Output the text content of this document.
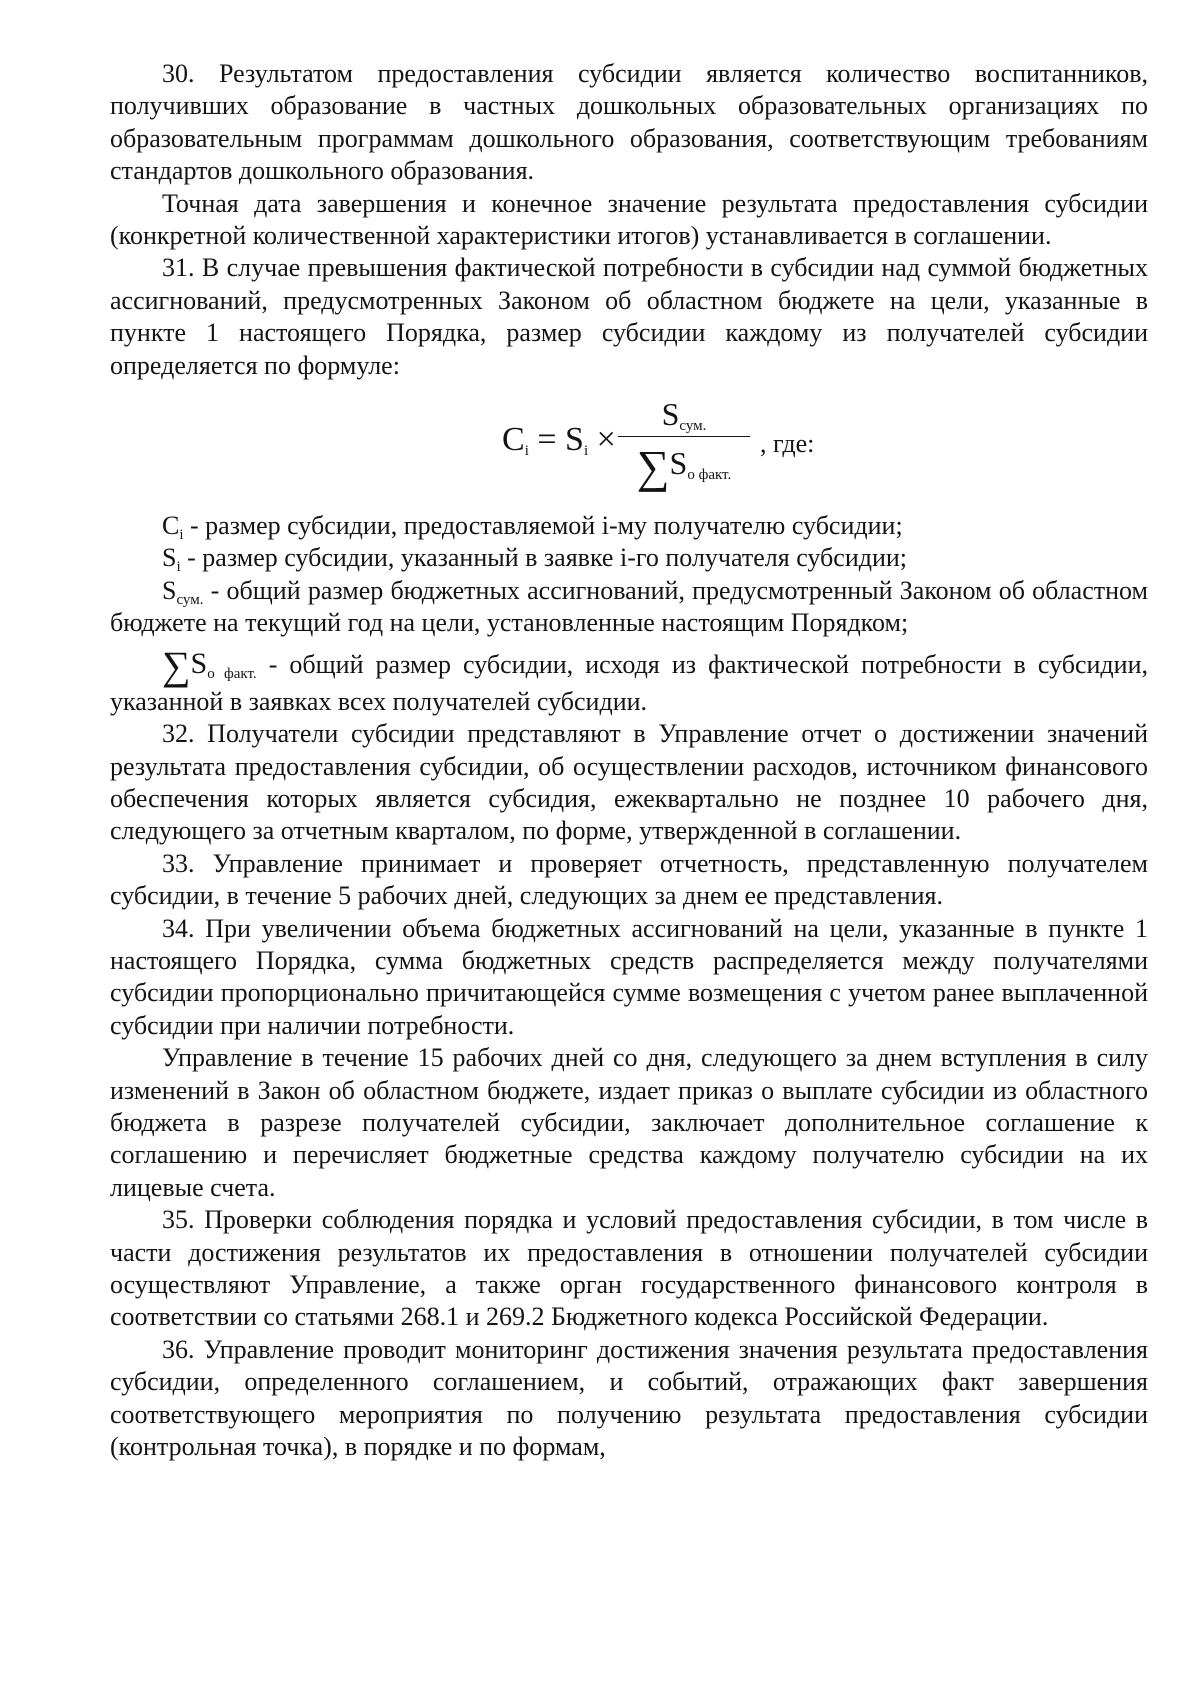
30. Результатом предоставления субсидии является количество воспитанников, получивших образование в частных дошкольных образовательных организациях по образовательным программам дошкольного образования, соответствующим требованиям стандартов дошкольного образования.

Точная дата завершения и конечное значение результата предоставления субсидии (конкретной количественной характеристики итогов) устанавливается в соглашении.

31. В случае превышения фактической потребности в субсидии над суммой бюджетных ассигнований, предусмотренных Законом об областном бюджете на цели, указанные в пункте 1 настоящего Порядка, размер субсидии каждому из получателей субсидии определяется по формуле:

$C_i = S_i$ ×
$S_{сум.}$
$\sum S_{о факт.}$
, где:

$C_i$ - размер субсидии, предоставляемой i-му получателю субсидии;

$S_i$ - размер субсидии, указанный в заявке i-го получателя субсидии;

$S_{сум.}$ - общий размер бюджетных ассигнований, предусмотренный Законом об областном бюджете на текущий год на цели, установленные настоящим Порядком;

$\sum S_{о факт.}$ - общий размер субсидии, исходя из фактической потребности в субсидии, указанной в заявках всех получателей субсидии.

32. Получатели субсидии представляют в Управление отчет о достижении значений результата предоставления субсидии, об осуществлении расходов, источником финансового обеспечения которых является субсидия, ежеквартально не позднее 10 рабочего дня, следующего за отчетным кварталом, по форме, утвержденной в соглашении.

33. Управление принимает и проверяет отчетность, представленную получателем субсидии, в течение 5 рабочих дней, следующих за днем ее представления.

34. При увеличении объема бюджетных ассигнований на цели, указанные в пункте 1 настоящего Порядка, сумма бюджетных средств распределяется между получателями субсидии пропорционально причитающейся сумме возмещения с учетом ранее выплаченной субсидии при наличии потребности.

Управление в течение 15 рабочих дней со дня, следующего за днем вступления в силу изменений в Закон об областном бюджете, издает приказ о выплате субсидии из областного бюджета в разрезе получателей субсидии, заключает дополнительное соглашение к соглашению и перечисляет бюджетные средства каждому получателю субсидии на их лицевые счета.

35. Проверки соблюдения порядка и условий предоставления субсидии, в том числе в части достижения результатов их предоставления в отношении получателей субсидии осуществляют Управление, а также орган государственного финансового контроля в соответствии со статьями 268.1 и 269.2 Бюджетного кодекса Российской Федерации.

36. Управление проводит мониторинг достижения значения результата предоставления субсидии, определенного соглашением, и событий, отражающих факт завершения соответствующего мероприятия по получению результата предоставления субсидии (контрольная точка), в порядке и по формам,
